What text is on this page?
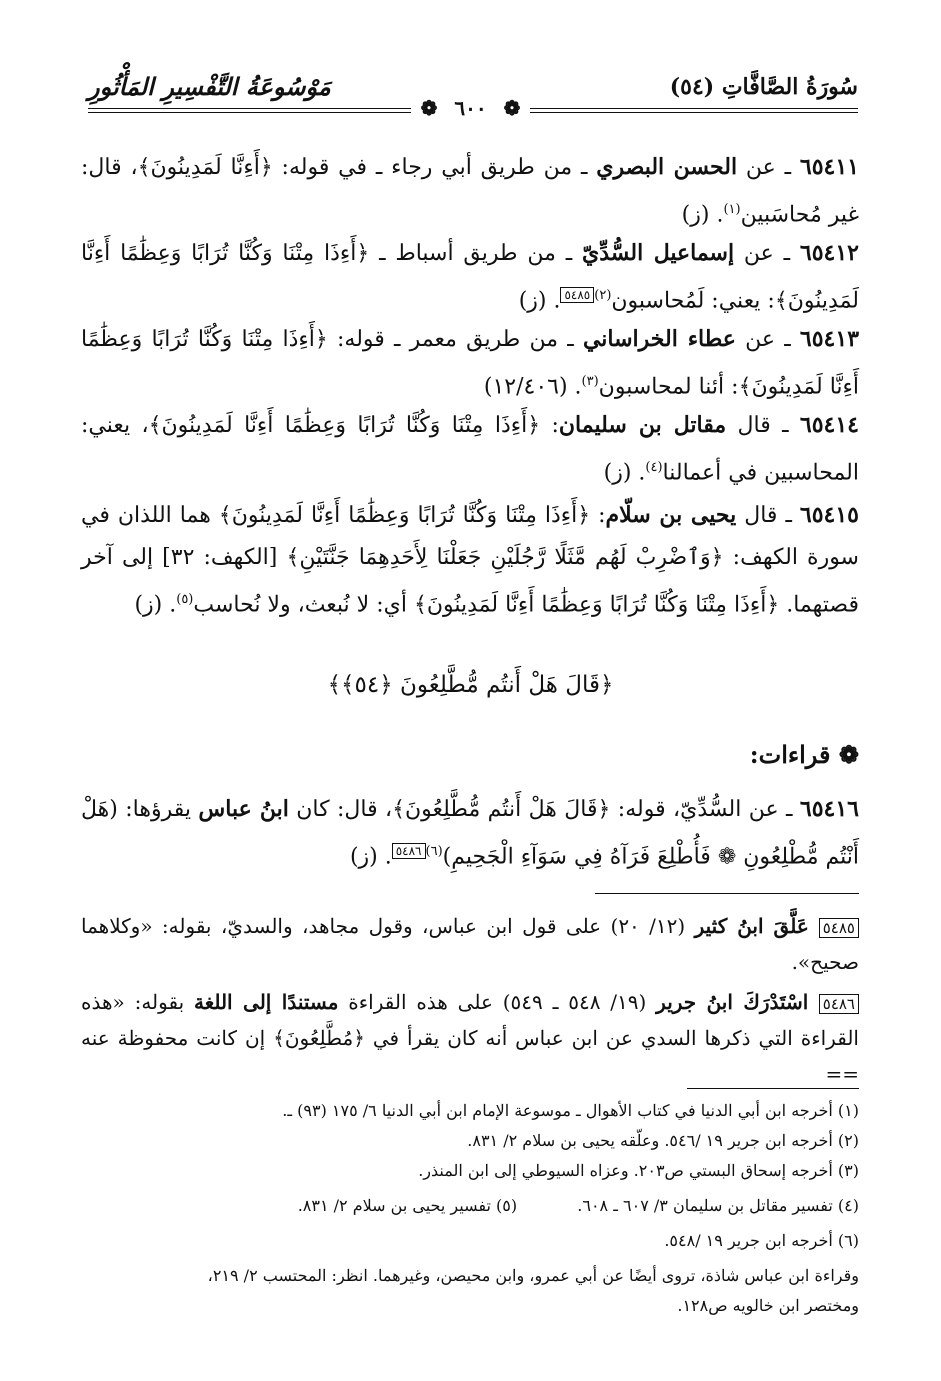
سُورَةُ الصَّافَّاتِ (٥٤)
مَوْسُوعَةُ التَّفْسِيرِ المَأْثُورِ
❁ ٦٠٠ ❁
٦٥٤١١ ـ عن الحسن البصري ـ من طريق أبي رجاء ـ في قوله: ﴿أَءِنَّا لَمَدِينُونَ﴾، قال: غير مُحاسَبين$^{(١)}$. (ز)
٦٥٤١٢ ـ عن إسماعيل السُّدِّيّ ـ من طريق أسباط ـ ﴿أَءِذَا مِتْنَا وَكُنَّا تُرَابًا وَعِظَٰمًا أَءِنَّا لَمَدِينُونَ﴾: يعني: لَمُحاسبون$^{(٢)}$٥٤٨٥. (ز)
٦٥٤١٣ ـ عن عطاء الخراساني ـ من طريق معمر ـ قوله: ﴿أَءِذَا مِتْنَا وَكُنَّا تُرَابًا وَعِظَٰمًا أَءِنَّا لَمَدِينُونَ﴾: أئنا لمحاسبون$^{(٣)}$. (١٢/٤٠٦)
٦٥٤١٤ ـ قال مقاتل بن سليمان: ﴿أَءِذَا مِتْنَا وَكُنَّا تُرَابًا وَعِظَٰمًا أَءِنَّا لَمَدِينُونَ﴾، يعني: المحاسبين في أعمالنا$^{(٤)}$. (ز)
٦٥٤١٥ ـ قال يحيى بن سلّام: ﴿أَءِذَا مِتْنَا وَكُنَّا تُرَابًا وَعِظَٰمًا أَءِنَّا لَمَدِينُونَ﴾ هما اللذان في سورة الكهف: ﴿وَٱضْرِبْ لَهُم مَّثَلًا رَّجُلَيْنِ جَعَلْنَا لِأَحَدِهِمَا جَنَّتَيْنِ﴾ [الكهف: ٣٢] إلى آخر قصتهما. ﴿أَءِذَا مِتْنَا وَكُنَّا تُرَابًا وَعِظَٰمًا أَءِنَّا لَمَدِينُونَ﴾ أي: لا نُبعث، ولا نُحاسب$^{(٥)}$. (ز)
﴿قَالَ هَلْ أَنتُم مُّطَّلِعُونَ ﴿٥٤﴾﴾
❁ قراءات:
٦٥٤١٦ ـ عن السُّدِّيّ، قوله: ﴿قَالَ هَلْ أَنتُم مُّطَّلِعُونَ﴾، قال: كان ابنُ عباس يقرؤها: (هَلْ أَنْتُم مُّطْلِعُونِ ❁ فَأُطْلِعَ فَرَآهُ فِي سَوَآءِ الْجَحِيمِ)$^{(٦)}$٥٤٨٦. (ز)
٥٤٨٥ عَلَّقَ ابنُ كثير (١٢/ ٢٠) على قول ابن عباس، وقول مجاهد، والسديّ، بقوله: «وكلاهما صحيح».
٥٤٨٦ اسْتَدْرَكَ ابنُ جرير (١٩/ ٥٤٨ ـ ٥٤٩) على هذه القراءة مستندًا إلى اللغة بقوله: «هذه القراءة التي ذكرها السدي عن ابن عباس أنه كان يقرأ في ﴿مُطَّلِعُونَ﴾ إن كانت محفوظة عنه ==
(١) أخرجه ابن أبي الدنيا في كتاب الأهوال ـ موسوعة الإمام ابن أبي الدنيا ٦/ ١٧٥ (٩٣) ـ.
(٢) أخرجه ابن جرير ١٩ /٥٤٦. وعلّقه يحيى بن سلام ٢/ ٨٣١.
(٣) أخرجه إسحاق البستي ص٢٠٣. وعزاه السيوطي إلى ابن المنذر.
(٤) تفسير مقاتل بن سليمان ٣/ ٦٠٧ ـ ٦٠٨.  (٥) تفسير يحيى بن سلام ٢/ ٨٣١.
(٦) أخرجه ابن جرير ١٩ /٥٤٨.
وقراءة ابن عباس شاذة، تروى أيضًا عن أبي عمرو، وابن محيصن، وغيرهما. انظر: المحتسب ٢/ ٢١٩،
ومختصر ابن خالويه ص١٢٨.
